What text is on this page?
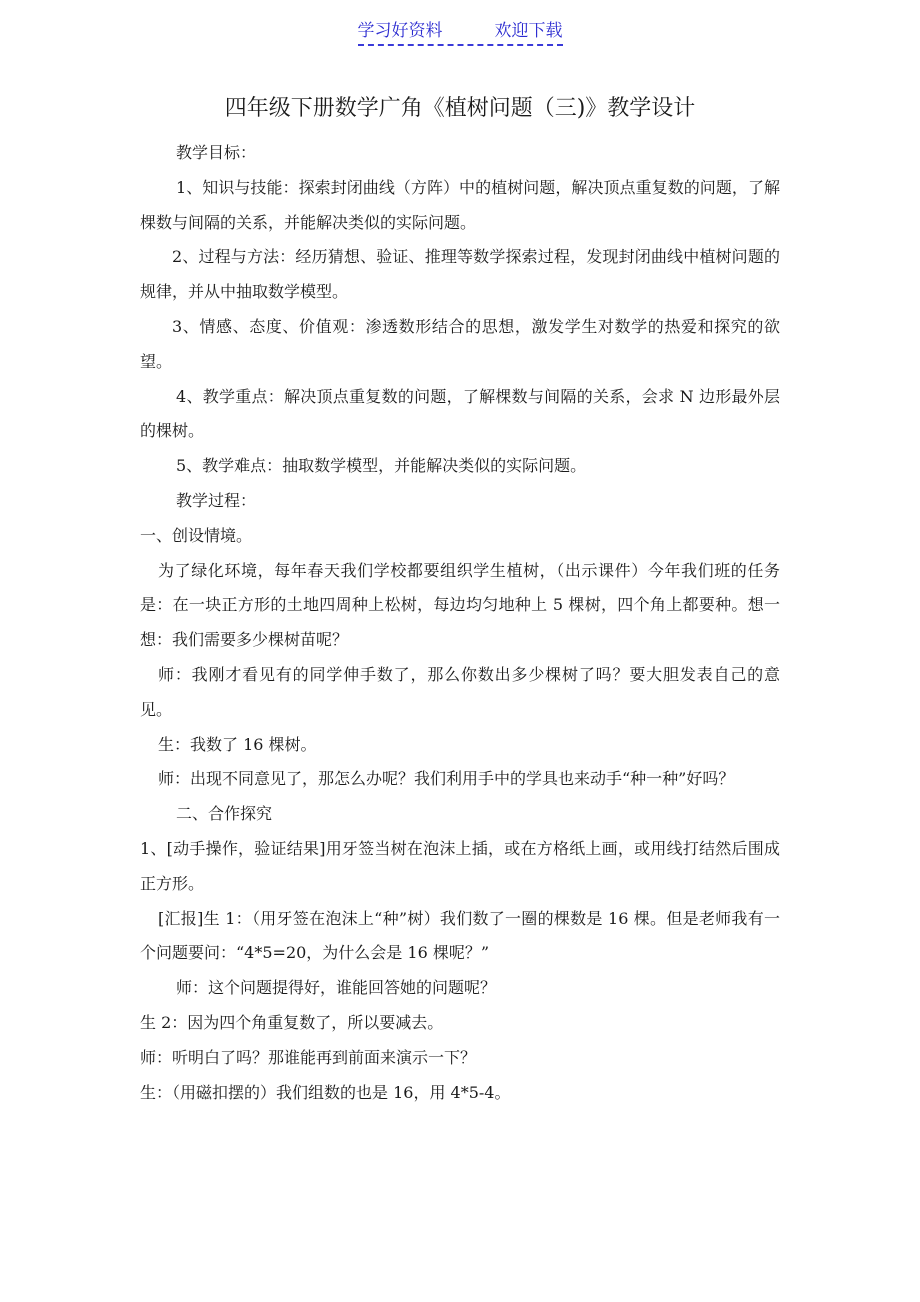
学习好资料	欢迎下载
四年级下册数学广角《植树问题（三)》教学设计

教学目标：

1、知识与技能：探索封闭曲线（方阵）中的植树问题，解决顶点重复数的问题，了解棵数与间隔的关系，并能解决类似的实际问题。

2、过程与方法：经历猜想、验证、推理等数学探索过程，发现封闭曲线中植树问题的规律，并从中抽取数学模型。

3、情感、态度、价值观：渗透数形结合的思想，激发学生对数学的热爱和探究的欲望。

4、教学重点：解决顶点重复数的问题，了解棵数与间隔的关系，会求 N 边形最外层的棵树。

5、教学难点：抽取数学模型，并能解决类似的实际问题。

教学过程：

一、创设情境。

为了绿化环境，每年春天我们学校都要组织学生植树，（出示课件）今年我们班的任务是：在一块正方形的土地四周种上松树，每边均匀地种上 5 棵树，四个角上都要种。想一想：我们需要多少棵树苗呢？

师：我刚才看见有的同学伸手数了，那么你数出多少棵树了吗？要大胆发表自己的意见。

生：我数了 16 棵树。

师：出现不同意见了，那怎么办呢？我们利用手中的学具也来动手“种一种”好吗？

二、合作探究

1、[动手操作，验证结果]用牙签当树在泡沫上插，或在方格纸上画，或用线打结然后围成正方形。

[汇报]生 1：（用牙签在泡沫上“种”树）我们数了一圈的棵数是 16 棵。但是老师我有一个问题要问：“4*5=20，为什么会是 16 棵呢？”

师：这个问题提得好，谁能回答她的问题呢？

生 2：因为四个角重复数了，所以要减去。

师：听明白了吗？那谁能再到前面来演示一下？

生：（用磁扣摆的）我们组数的也是 16，用 4*5-4。
